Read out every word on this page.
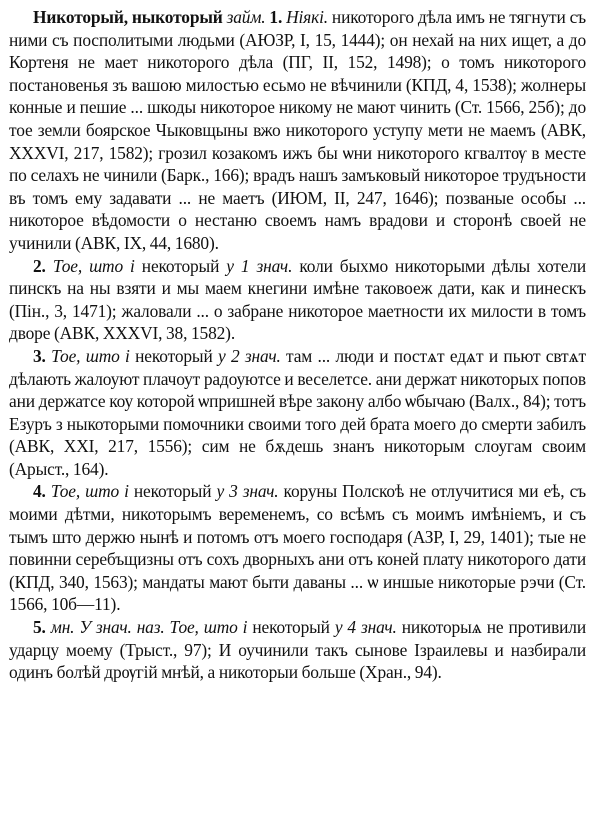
Никоторый, ныкоторый займ. 1. Ніякі. никоторого дѣла имъ не тягнути съ ними съ посполитыми людьми (АЮЗР, I, 15, 1444); он нехай на них ищет, а до Кортеня не мает никоторого дѣла (ПГ, II, 152, 1498); о томъ никоторого постановенья зъ вашою милостью есьмо не вѣчинили (КПД, 4, 1538); жолнеры конные и пешие ... шкоды никоторое никому не мают чинить (Ст. 1566, 25б); до тое земли боярское Чыковщыны вжо никоторого уступу мети не маемъ (АВК, XXXVI, 217, 1582); грозил козакомъ ижъ бы ѡни никоторого кгвалтѹ в месте по селахъ не чинили (Барк., 166); врадъ нашъ замъковый никоторое трудъности въ томъ ему задавати ... не маетъ (ИЮМ, II, 247, 1646); позваные особы ... никоторое вѣдомости о нестаню своемъ намъ врадови и сторонѣ своей не учинили (АВК, IX, 44, 1680).

2. Тое, што і некоторый у 1 знач. коли быхмо никоторыми дѣлы хотели пинскъ на ны взяти и мы маем кнегини имѣне таковоеж дати, как и пинескъ (Пін., 3, 1471); жаловали ... о забране никоторое маетности их милости в томъ дворе (АВК, XXXVI, 38, 1582).

3. Тое, што і некоторый у 2 знач. там ... люди и постѧт едѧт и пьют свтѧт дѣлають жалоуют плачоут радоуютсе и веселетсе. ани держат никоторых попов ани держатсе коу которой ѡпришней вѣре закону албо ѡбычаю (Валх., 84); тотъ Езуръ з ныкоторыми помочники своими того дей брата моего до смерти забилъ (АВК, XXI, 217, 1556); сим не бѫдешь знанъ никоторым слоугам своим (Арыст., 164).

4. Тое, што і некоторый у 3 знач. коруны Полскоѣ не отлучитися ми еѣ, съ моими дѣтми, никоторымъ веременемъ, со всѣмъ съ моимъ имѣніемъ, и съ тымъ што держю нынѣ и потомъ отъ моего господаря (АЗР, I, 29, 1401); тые не повинни серебъщизны отъ сохъ дворныхъ ани отъ коней плату никоторого дати (КПД, 340, 1563); мандаты мают быти даваны ... ѡ иншые никоторые рэчи (Ст. 1566, 10б—11).

5. мн. У знач. наз. Тое, што і некоторый у 4 знач. никоторыѧ не противили ударцу моему (Трыст., 97); И оучинили такъ сынове Ізраилевы и назбирали одинъ болѣй дрѹгій мнѣй, а никоторыи больше (Хран., 94).
